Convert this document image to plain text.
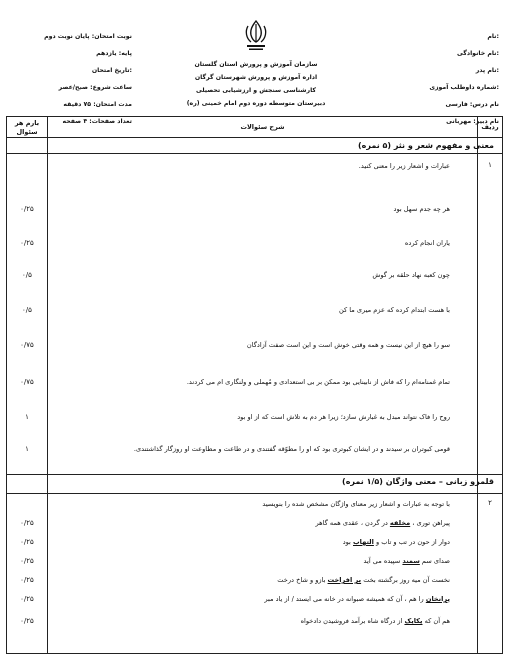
نام:
نام خانوادگی:
نام پدر:
شماره داوطلب آموزی:
نام درس: فارسی
نام دبیر: مهربانی
سازمان آموزش و پرورش استان گلستان
اداره آموزش و پرورش شهرستان گرگان
کارشناسی سنجش و ارزشیابی تحصیلی
دبیرستان متوسطه دوره دوم امام خمینی (ره)
نوبت امتحان: پایان نوبت دوم
پایه: یازدهم
تاریخ امتحان:
ساعت شروع: صبح/عصر
مدت امتحان: ۷۵ دقیقه
تعداد صفحات: ۴ صفحه
بارم هر سئوال
شرح سئوالات	ردیف
معنی و مفهوم شعر و نثر (۵ نمره)
۱
عبارات و اشعار زیر را معنی کنید.
هر چه جدم سهل بود
۰/۲۵
یاران انجام کرده
۰/۲۵
چون کعبه نهاد حلقه بر گوش
۰/۵
با هست ابتدام کرده که عزم میری ما کن
۰/۵
سو را هیچ از این نیست و همه وقتی خوش است و این است صفت آزادگان
۰/۷۵
تمام غمنامه‌ام را که فاش از نابینایی بود ممکن بر بی استعدادی و مُهملی و ولنگاری ام می کردند.
۰/۷۵
روح را فاک نتواند مبدل به غبارش سازد؛ زیرا هر دم به تلاش است که از او بود
۱
قومی کبوتران بر سیدند و در ایشان کبوتری بود که او را مطوّقه گفتندی و در طاعت و مطاوعت او روزگار گذاشتندی.
۱
قلمرو زبانی – معنی واژگان (۱/۵ نمره)
۲
با توجه به عبارات و اشعار زیر معنای واژگان مشخص شده را بنویسید
پیراهن توری ، مخلفه در گردن ، عقدی همه گاهر
۰/۲۵
دوار از حون در تب و تاب و التهاب بود
۰/۲۵
صدای سم سمند سپیده می آید
۰/۲۵
نخست آن میه روز برگشته بخت بر افراخت بازو و شاخ درخت
۰/۲۵
پرانخان را هم ، آن که همیشه صبوانه در خانه می ایستد / از یاد مبر
۰/۲۵
هم آن که یکایک از درگاه شاه برآمد فروشیدن دادخواه
۰/۲۵
